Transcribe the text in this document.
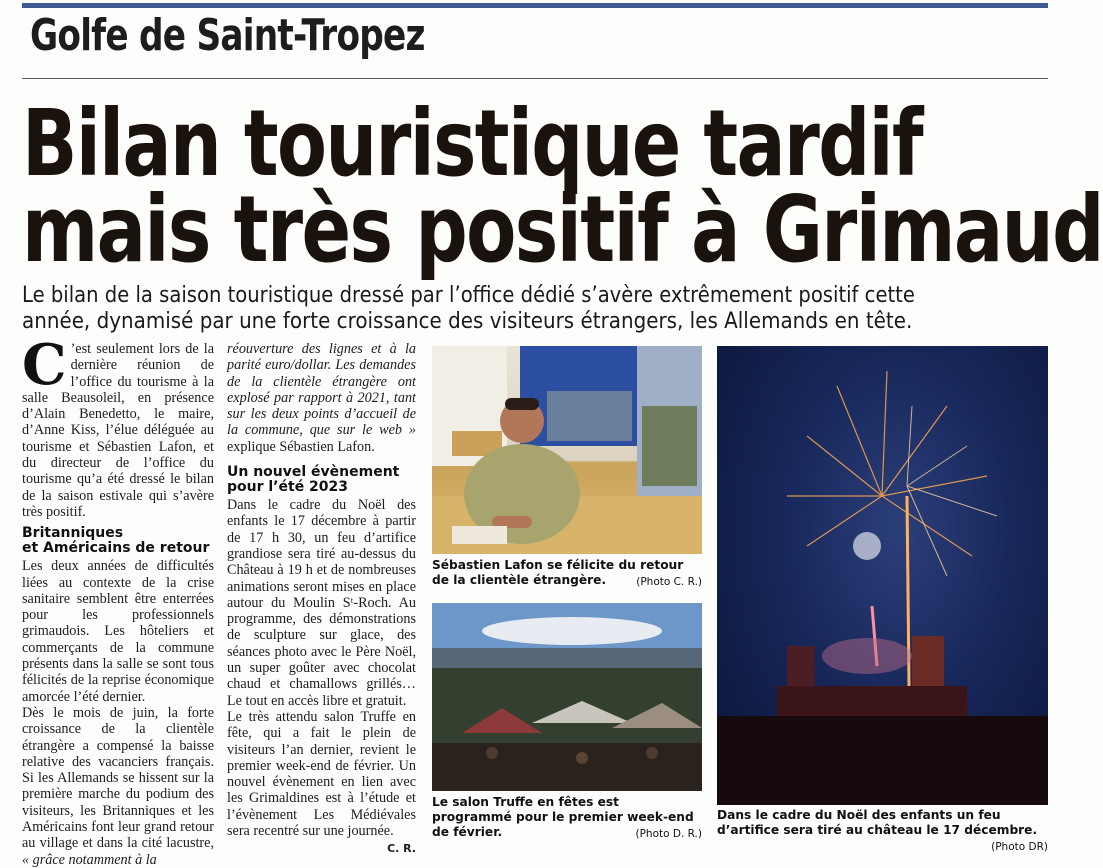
Golfe de Saint-Tropez
Bilan touristique tardif
mais très positif à Grimaud
Le bilan de la saison touristique dressé par l’office dédié s’avère extrêmement positif cette
année, dynamisé par une forte croissance des visiteurs étrangers, les Allemands en tête.

C ’est seulement lors de la dernière réunion de l’office du tourisme à la salle Beausoleil, en présence d’Alain Benedetto, le maire, d’Anne Kiss, l’élue déléguée au tourisme et Sébastien Lafon, et du directeur de l’office du tourisme qu’a été dressé le bilan de la saison estivale qui s’avère très positif.

Britanniques
et Américains de retour

Les deux années de difficultés liées au contexte de la crise sanitaire semblent être enterrées pour les professionnels grimaudois. Les hôteliers et commerçants de la commune présents dans la salle se sont tous félicités de la reprise économique amorcée l’été dernier.

Dès le mois de juin, la forte croissance de la clientèle étrangère a compensé la baisse relative des vacanciers français. Si les Allemands se hissent sur la première marche du podium des visiteurs, les Britanniques et les Américains font leur grand retour au village et dans la cité lacustre, « grâce notamment à la

réouverture des lignes et à la parité euro/dollar. Les demandes de la clientèle étrangère ont explosé par rapport à 2021, tant sur les deux points d’accueil de la commune, que sur le web » explique Sébastien Lafon.

Un nouvel évènement
pour l’été 2023

Dans le cadre du Noël des enfants le 17 décembre à partir de 17 h 30, un feu d’artifice grandiose sera tiré au-dessus du Château à 19 h et de nombreuses animations seront mises en place autour du Moulin Sᵗ-Roch. Au programme, des démonstrations de sculpture sur glace, des séances photo avec le Père Noël, un super goûter avec chocolat chaud et chamallows grillés… Le tout en accès libre et gratuit.

Le très attendu salon Truffe en fête, qui a fait le plein de visiteurs l’an dernier, revient le premier week-end de février. Un nouvel évènement en lien avec les Grimaldines est à l’étude et l’évènement Les Médiévales sera recentré sur une journée.

C. R.
Sébastien Lafon se félicite du retour de la clientèle étrangère.	(Photo C. R.)
Le salon Truffe en fêtes est programmé pour le premier week-end de février.	(Photo D. R.)
Dans le cadre du Noël des enfants un feu d’artifice sera tiré au château le 17 décembre.
(Photo DR)
